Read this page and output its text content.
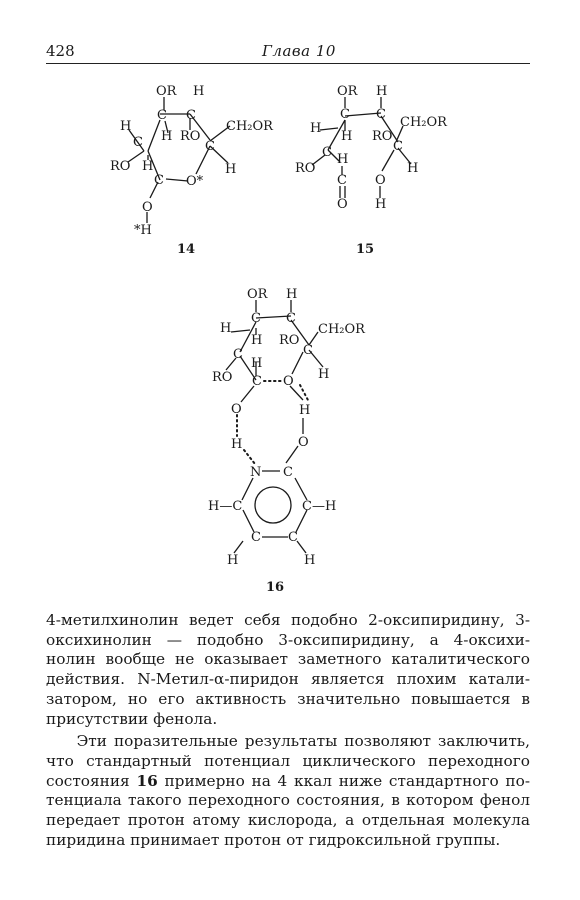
428	Глава 10
OR H
C C
CH₂OR
H
C H RO
C
RO H	H
C O*
O
*H
14
OR H
C C
CH₂OR
H
H RO
C
C H
RO
C O
H
O H
15
OR H
C C
CH₂OR
H
H RO
C
C
H
RO	H
C O
O	H
H	O
N C
H—C	C—H
C C
H	H
16

4-метилхинолин ведет себя подобно 2-оксипиридину, 3-оксихинолин — подобно 3-оксипиридину, а 4-оксихи- нолин вообще не оказывает заметного каталитического действия. N-Метил-α-пиридон является плохим катали- затором, но его активность значительно повышается в присутствии фенола.

Эти поразительные результаты позволяют заключить, что стандартный потенциал циклического переходного состояния 16 примерно на 4 ккал ниже стандартного по- тенциала такого переходного состояния, в котором фенол передает протон атому кислорода, а отдельная молекула пиридина принимает протон от гидроксильной группы.
